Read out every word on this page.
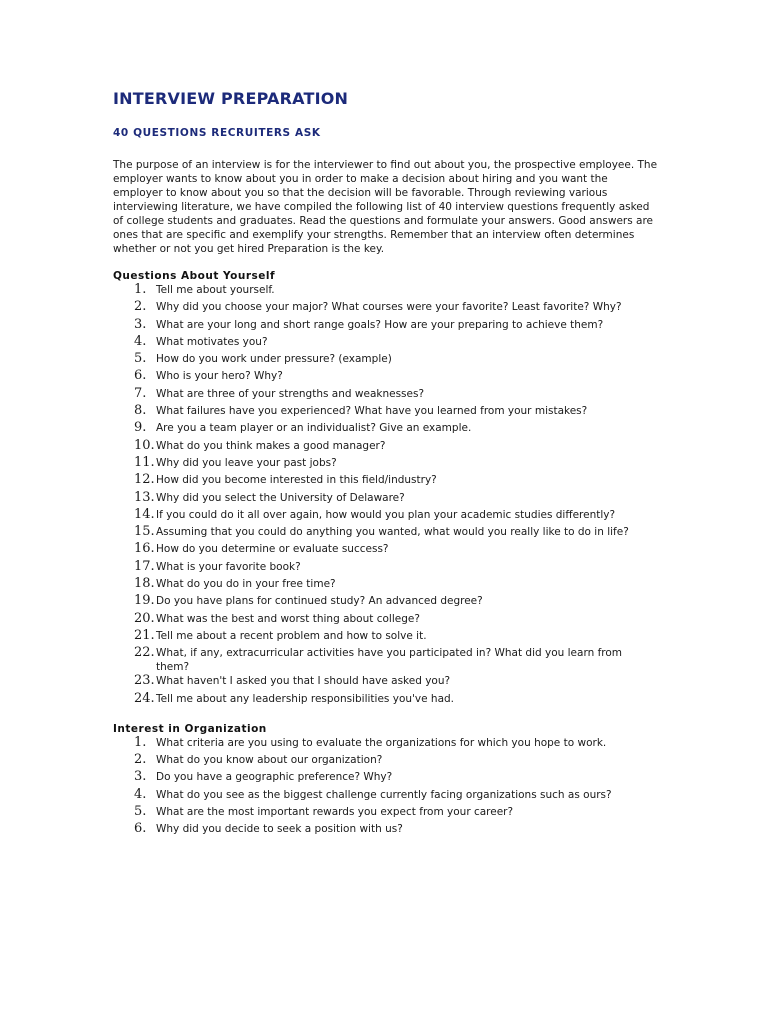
INTERVIEW PREPARATION
40 QUESTIONS RECRUITERS ASK

The purpose of an interview is for the interviewer to find out about you, the prospective employee. The employer wants to know about you in order to make a decision about hiring and you want the employer to know about you so that the decision will be favorable. Through reviewing various interviewing literature, we have compiled the following list of 40 interview questions frequently asked of college students and graduates. Read the questions and formulate your answers. Good answers are ones that are specific and exemplify your strengths. Remember that an interview often determines whether or not you get hired Preparation is the key.

Questions About Yourself
1. Tell me about yourself.
2. Why did you choose your major? What courses were your favorite? Least favorite? Why?
3. What are your long and short range goals? How are your preparing to achieve them?
4. What motivates you?
5. How do you work under pressure? (example)
6. Who is your hero? Why?
7. What are three of your strengths and weaknesses?
8. What failures have you experienced? What have you learned from your mistakes?
9. Are you a team player or an individualist? Give an example.
10. What do you think makes a good manager?
11. Why did you leave your past jobs?
12. How did you become interested in this field/industry?
13. Why did you select the University of Delaware?
14. If you could do it all over again, how would you plan your academic studies differently?
15. Assuming that you could do anything you wanted, what would you really like to do in life?
16. How do you determine or evaluate success?
17. What is your favorite book?
18. What do you do in your free time?
19. Do you have plans for continued study? An advanced degree?
20. What was the best and worst thing about college?
21. Tell me about a recent problem and how to solve it.
22. What, if any, extracurricular activities have you participated in? What did you learn from them?
23. What haven't I asked you that I should have asked you?
24. Tell me about any leadership responsibilities you've had.
Interest in Organization
1. What criteria are you using to evaluate the organizations for which you hope to work.
2. What do you know about our organization?
3. Do you have a geographic preference? Why?
4. What do you see as the biggest challenge currently facing organizations such as ours?
5. What are the most important rewards you expect from your career?
6. Why did you decide to seek a position with us?
